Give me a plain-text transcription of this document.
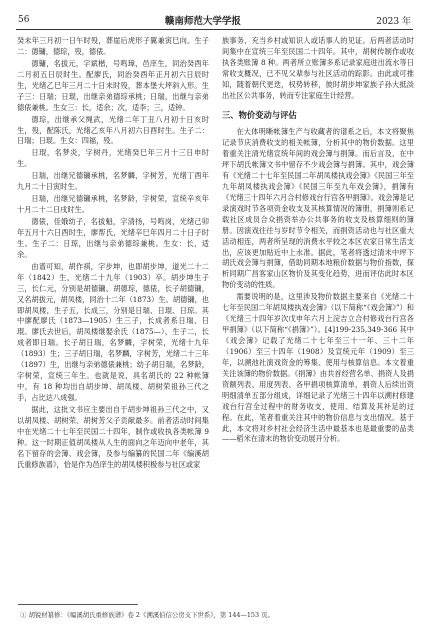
56	赣南师范大学学报	2023 年

癸未年三月初一日午时殁，葬崖后虎形子翼兼寅巳向。生子二：德镛，德琮，殁，德俵。

德镛，名拔元，字斌楷，号鸣璋，邑庠生，同治癸酉年二月初五日辰时生。配廖氏，同治癸酉年正月初六日辰时生，光绪乙巳年三月二十日未时殁，葬本堡大坪斜入形。生子三：日瑞；日琨，出继亲弟德琮承桃；日瑞，出继与亲弟德俵兼桃。生女三：长，适余；次，适李；三，适钟。

德琮，出继承父绳武，光绪二年丁丑八月初十日亥时生，殁，配陈氏，光绪乙亥年八月初六日酉时生。生子二：日瑞；日琨。生女：四福，殁。

日琨，名梦炎，字树丹，光绪癸巳年三月十三日申时生。

日瑞，出继兄德镛承桃，名梦麟，字树芳，光绪丁酉年九月二十日寅时生。

日瑞，出继兄德镛承桃，名梦龄，字树荣，宣统辛亥年十月二十二日戌时生。

德俵，佳娥幼子，名拔魁，字清扬，号鸣岗，光绪己卯年五月十六日酉时生，廖帮氏，光绪辛巳年四月二十日子时生。生子二：日琼，出继与亲弟德琮兼桃。生女：长，适余。

由谱可知，胡作祺，字步坤，也即胡步坤，道光二十二年（1842）生，光绪二十九年（1903）卒。胡步坤生子三，长仁元，分别是胡德镛、胡德琮，德俵，长子胡德镛，又名胡拔元，胡凤楼，同治十二年（1873）生。胡德镛，也即胡凤楼，生子五，长成三，分别是日瑞、日琨、日琼。其中廖配廖氏（1873—1905）生三子，长成者系日瑞、日琨。廖氏去世后，胡凤楼继娶余氏（1875—），生子二，长成者即日瑞。长子胡日瑞，名梦麟，字树荣，光绪十九年（1893）生；三子胡日瑞，名梦麟，字树芳，光绪二十三年（1897）生，出继与亲弟德俵兼桃；幼子胡日瑞，名梦龄，字树荣，宣统三年生。也就是说，具名胡氏的 22 种帐簿中，有 18 种均出自胡步坤、胡凤楼、胡树荣祖孙三代之手，占比达八成强。

据此，这批文书应主要出自于胡步坤祖孙三代之中，又以胡凤楼、胡树荣、胡树芳父子贡献最多。前者活动时间集中在光绪二十七年至民国二十四年，制作或收执各类帐簿 9 种。这一时期正值胡凤楼从人生的面向之年迈向中老年，其名下留存的会簿、戏会簿，及参与编纂的民国二年《编溪胡氏重修族谱》，恰是作为邑庠生的胡凤楼积极参与社区或家

族事务，充当乡村或知识人或话事人的见证。后两者活动时间集中在宣统三年至民国二十四年。其中，胡树传制作或收执各类账簿 8 种。两者所立账簿多系记录家庭进出流水等日常收支概况，已不见父辈参与社区活动的踪影。由此或可推知，随着朝代更迭，权势转移，彼时胡步坤家族子孙大抵淡出社区公共事务，转而专注家庭生计经营。

三、物价变动与评估

在大体明晰帐簿生产与收藏者的谱系之后，本文将聚焦记录节庆消费收支的相关帐簿，分析其中的物价数据。这里着重关注清光绪宣统年间的戏会簿与捐簿。而后言及，在中坪下胡氏帐簿文书中留存不少戏会簿与捐簿。其中，戏会簿有《光绪二十七年至民国二年胡凤楼执戏会簿》《民国三年至九年胡凤楼执戏会簿》《民国三年至九年戏会簿》，捐簿有《光绪三十四年六月合村修戏台行宫各甲捐簿》。戏会簿是记录演戏时节各项资金收支及其核算情况的簿册，捐簿则系记载社区成员合众捐资举办公共事务的收支及核算细则的簿册。因演戏往往与岁时节令相关，而捐资活动也与社区重大活动相连，两者所呈现的消费水平较之本区农家日常生活支出，应该更加贴近中上水准。据此，笔者将透过清末中坪下胡氏戏会簿与捐簿，借助同期本地粮价数据与物价指数，探析同期广昌客家山区物价及其变化趋势，进而评估此时本区物价变动的性质。

需要说明的是，这里涉及物价数据主要来自《光绪二十七年至民国二年胡凤楼执戏会簿》（以下简称“《戏会簿》”）和《光绪三十四年岁次戊申年六月上浣吉立合村修戏台行宫各甲捐簿》（以下简称“《捐簿》”）。[4]199-235,349-366 其中《戏会簿》记载了光绪二十七年至三十一年、三十二年（1906）至三十四年（1908）及宣统元年（1909）至三年，以溯池社演戏资金的筹集、使用与核算信息。本文着重关注该簿的物价数据。《捐簿》由共首经营名单、捐资人及捐资额列表、用度列表、各甲捐项核算清单，捐资人后续出资明细清单五部分组成，详细记录了光绪三十四年以溯村修建戏台行宫全过程中的财务收支，使用、结算及其补足的过程。在此，笔者着重关注其中的物价信息与支出情况。基于此，本文将对乡村社会经济生活中最基本也是最重要的品类——稻米在清末的物价变动展开分析。

① 胡锐材纂修：《编溪胡氏重修族谱》卷 2《溯溪伯信公房支下世系》，第 144—153 页。
